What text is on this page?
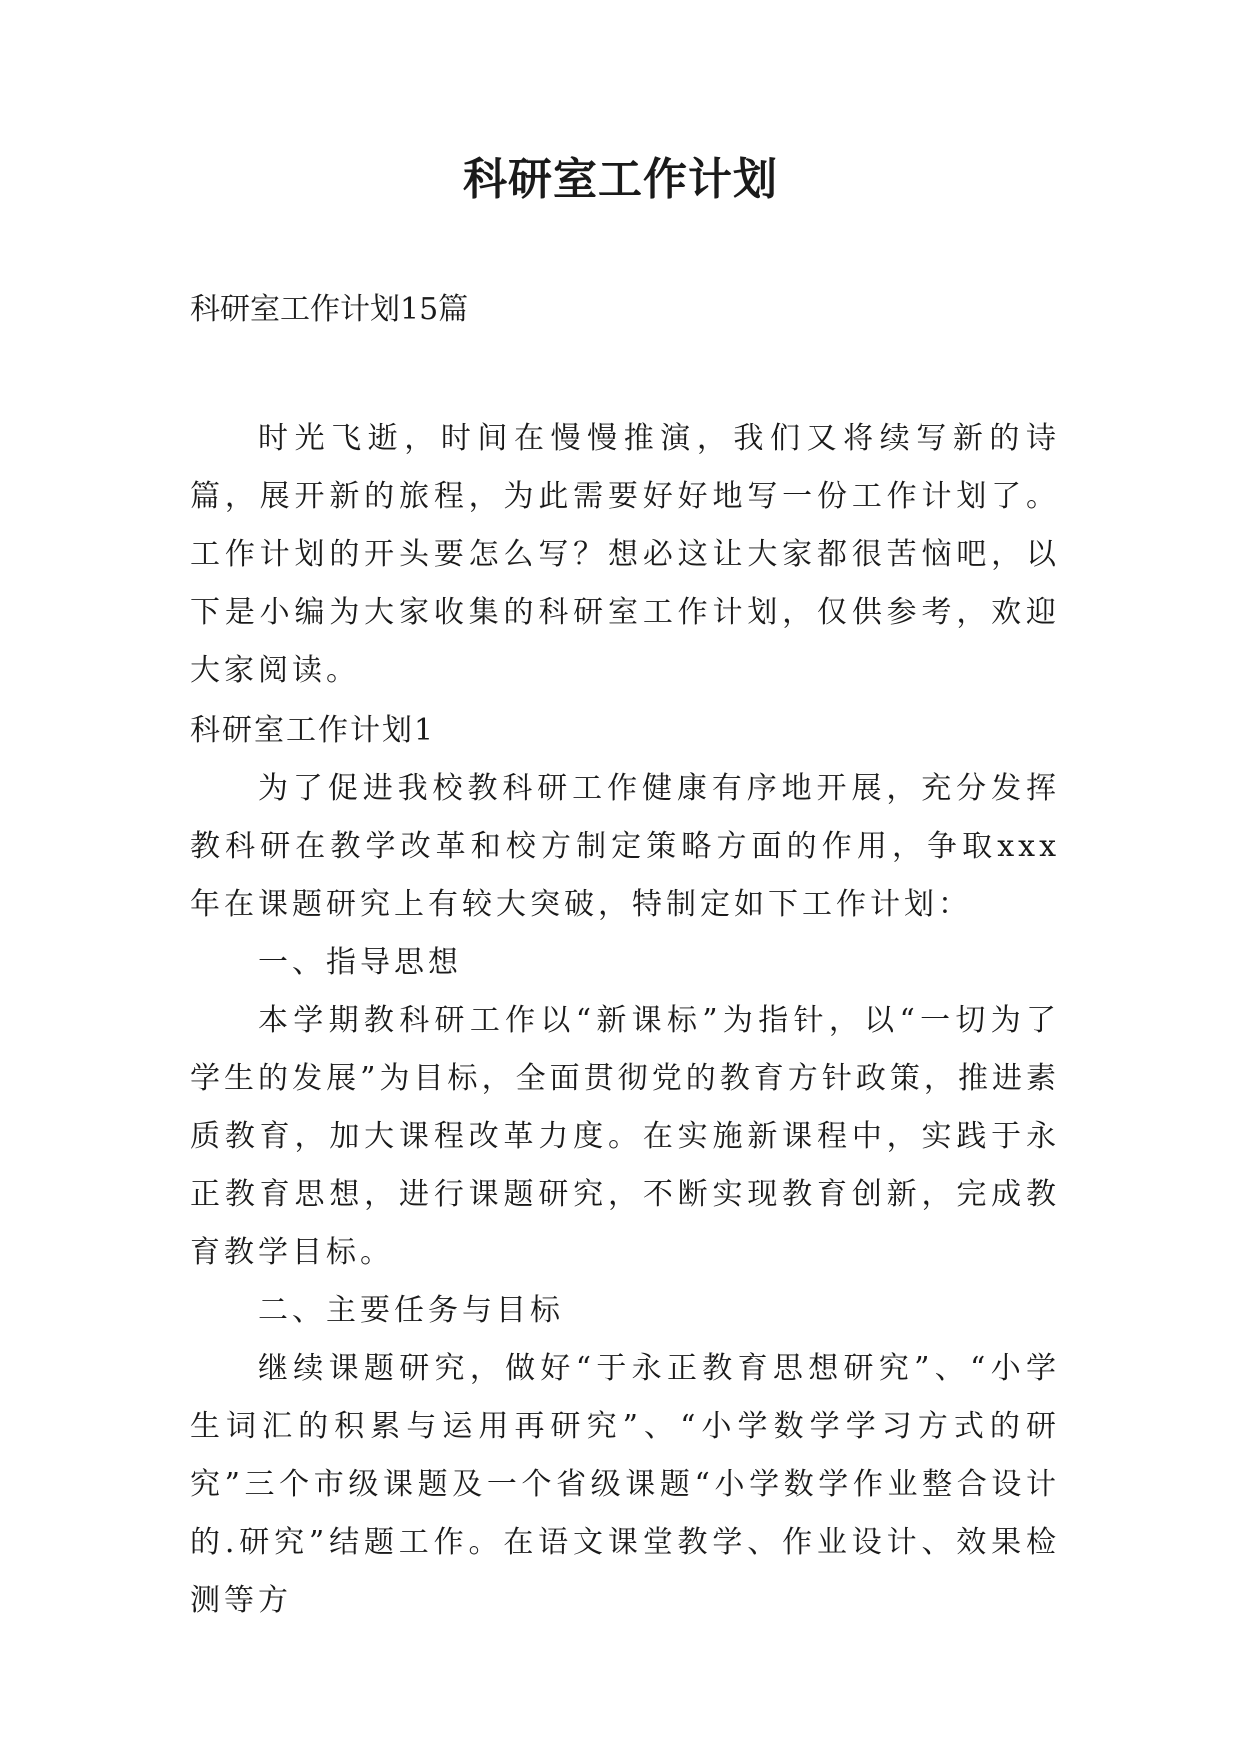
科研室工作计划

科研室工作计划15篇

时光飞逝，时间在慢慢推演，我们又将续写新的诗篇，展开新的旅程，为此需要好好地写一份工作计划了。工作计划的开头要怎么写？想必这让大家都很苦恼吧，以下是小编为大家收集的科研室工作计划，仅供参考，欢迎大家阅读。

科研室工作计划1

为了促进我校教科研工作健康有序地开展，充分发挥教科研在教学改革和校方制定策略方面的作用，争取xxx年在课题研究上有较大突破，特制定如下工作计划：

一、指导思想

本学期教科研工作以“新课标”为指针，以“一切为了学生的发展”为目标，全面贯彻党的教育方针政策，推进素质教育，加大课程改革力度。在实施新课程中，实践于永正教育思想，进行课题研究，不断实现教育创新，完成教育教学目标。

二、主要任务与目标

继续课题研究，做好“于永正教育思想研究”、“小学生词汇的积累与运用再研究”、“小学数学学习方式的研究”三个市级课题及一个省级课题“小学数学作业整合设计的.研究”结题工作。在语文课堂教学、作业设计、效果检测等方
